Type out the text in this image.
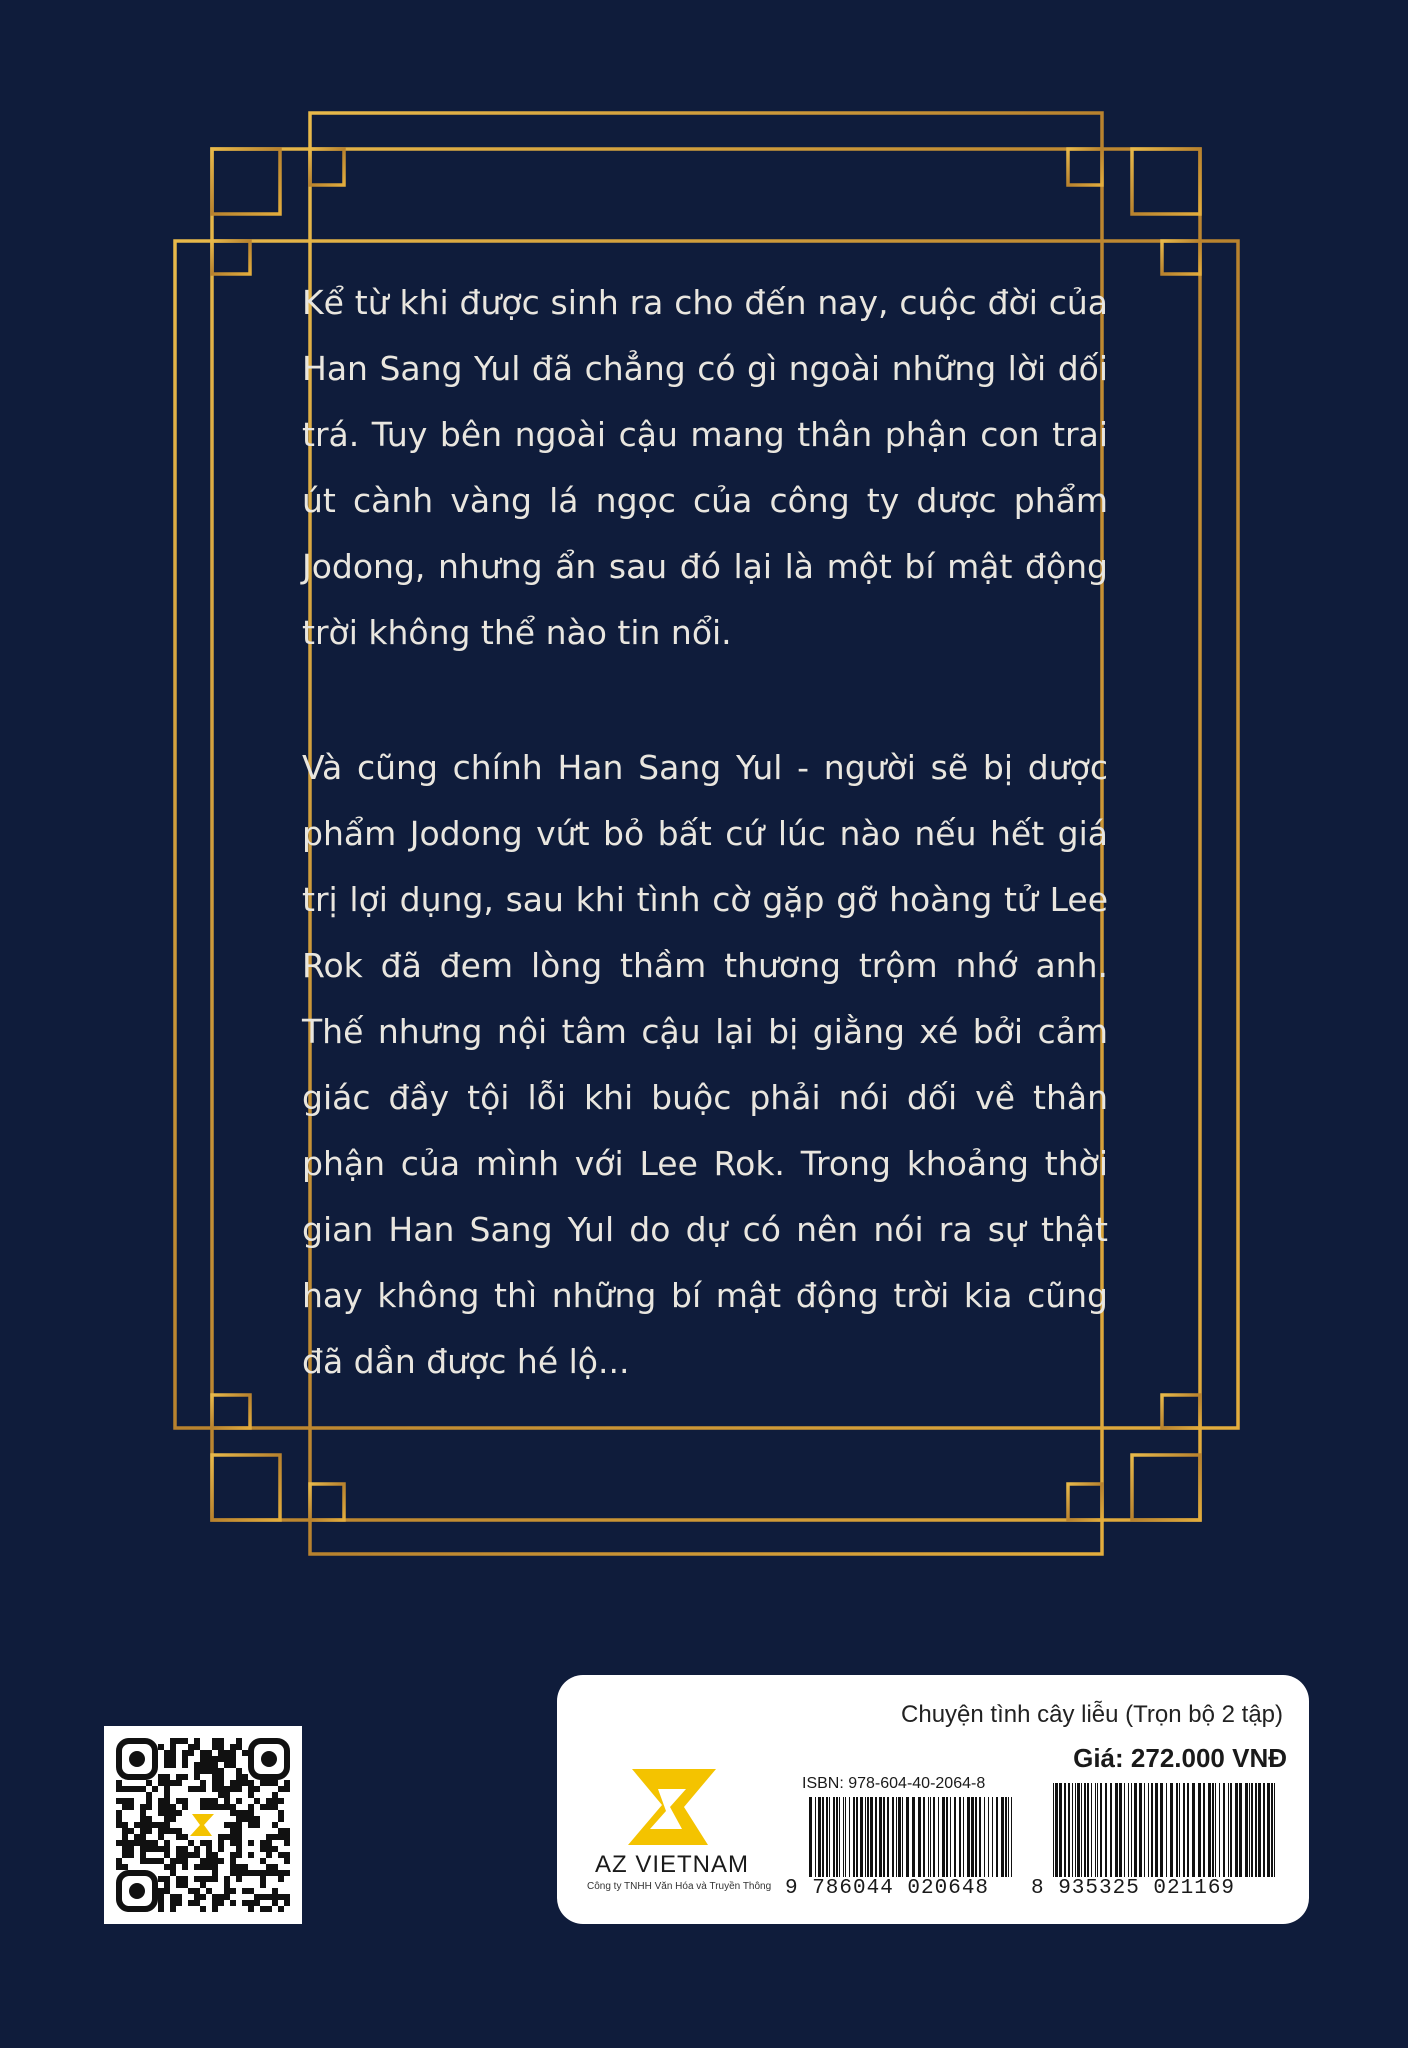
Kể từ khi được sinh ra cho đến nay, cuộc đời của Han Sang Yul đã chẳng có gì ngoài những lời dối trá. Tuy bên ngoài cậu mang thân phận con trai út cành vàng lá ngọc của công ty dược phẩm Jodong, nhưng ẩn sau đó lại là một bí mật động trời không thể nào tin nổi.

Và cũng chính Han Sang Yul - người sẽ bị dược phẩm Jodong vứt bỏ bất cứ lúc nào nếu hết giá trị lợi dụng, sau khi tình cờ gặp gỡ hoàng tử Lee Rok đã đem lòng thầm thương trộm nhớ anh. Thế nhưng nội tâm cậu lại bị giằng xé bởi cảm giác đầy tội lỗi khi buộc phải nói dối về thân phận của mình với Lee Rok. Trong khoảng thời gian Han Sang Yul do dự có nên nói ra sự thật hay không thì những bí mật động trời kia cũng đã dần được hé lộ...

Chuyện tình cây liễu (Trọn bộ 2 tập)
Giá: 272.000 VNĐ
AZ VIETNAM
Công ty TNHH Văn Hóa và Truyền Thông
ISBN: 978-604-40-2064-8
9 786044 020648 8 935325 021169
